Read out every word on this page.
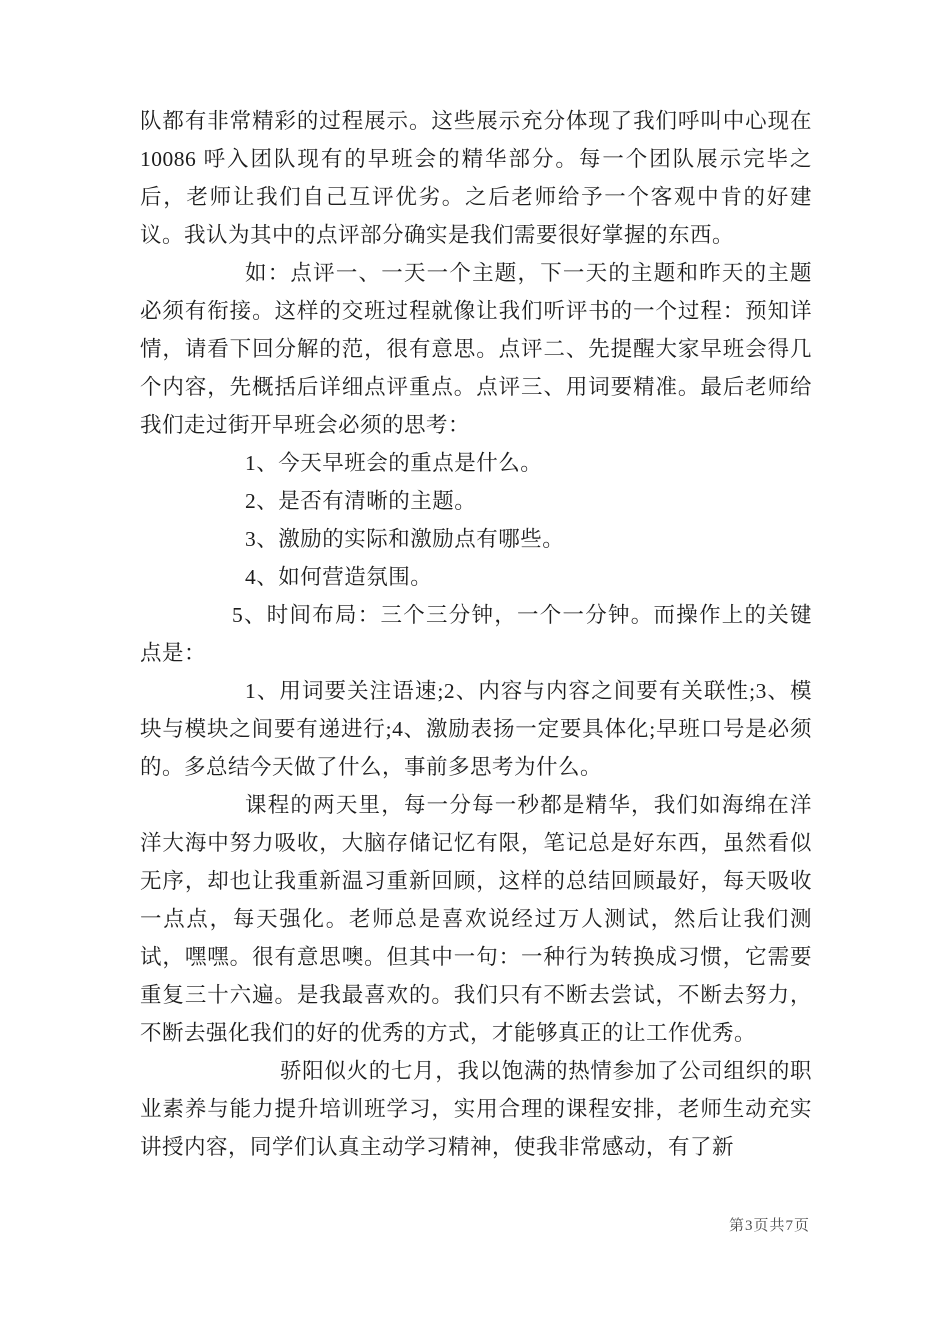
队都有非常精彩的过程展示。这些展示充分体现了我们呼叫中心现在 10086 呼入团队现有的早班会的精华部分。每一个团队展示完毕之后，老师让我们自己互评优劣。之后老师给予一个客观中肯的好建议。我认为其中的点评部分确实是我们需要很好掌握的东西。

如：点评一、一天一个主题，下一天的主题和昨天的主题必须有衔接。这样的交班过程就像让我们听评书的一个过程：预知详情，请看下回分解的范，很有意思。点评二、先提醒大家早班会得几个内容，先概括后详细点评重点。点评三、用词要精准。最后老师给我们走过街开早班会必须的思考：

1、今天早班会的重点是什么。

2、是否有清晰的主题。

3、激励的实际和激励点有哪些。

4、如何营造氛围。

5、时间布局：三个三分钟，一个一分钟。而操作上的关键点是：

1、用词要关注语速;2、内容与内容之间要有关联性;3、模块与模块之间要有递进行;4、激励表扬一定要具体化;早班口号是必须的。多总结今天做了什么，事前多思考为什么。

课程的两天里，每一分每一秒都是精华，我们如海绵在洋洋大海中努力吸收，大脑存储记忆有限，笔记总是好东西，虽然看似无序，却也让我重新温习重新回顾，这样的总结回顾最好，每天吸收一点点，每天强化。老师总是喜欢说经过万人测试，然后让我们测试，嘿嘿。很有意思噢。但其中一句：一种行为转换成习惯，它需要重复三十六遍。是我最喜欢的。我们只有不断去尝试，不断去努力，不断去强化我们的好的优秀的方式，才能够真正的让工作优秀。

骄阳似火的七月，我以饱满的热情参加了公司组织的职业素养与能力提升培训班学习，实用合理的课程安排，老师生动充实讲授内容，同学们认真主动学习精神，使我非常感动，有了新

第3页共7页
